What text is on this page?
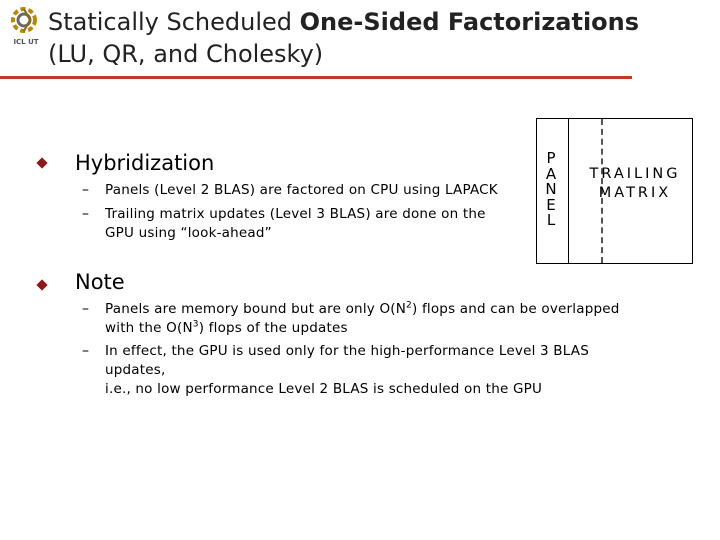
ICL UT
Statically Scheduled One-Sided Factorizations
(LU, QR, and Cholesky)
Hybridization
– Panels (Level 2 BLAS) are factored on CPU using LAPACK
– Trailing matrix updates (Level 3 BLAS) are done on the
GPU using “look-ahead”
Note
– Panels are memory bound but are only $O(N^2)$ flops and can be overlapped
with the $O(N^3)$ flops of the updates
– In effect, the GPU is used only for the high-performance Level 3 BLAS
updates,
i.e., no low performance Level 2 BLAS is scheduled on the GPU
P
A
N
E
L
TRAILING
MATRIX
